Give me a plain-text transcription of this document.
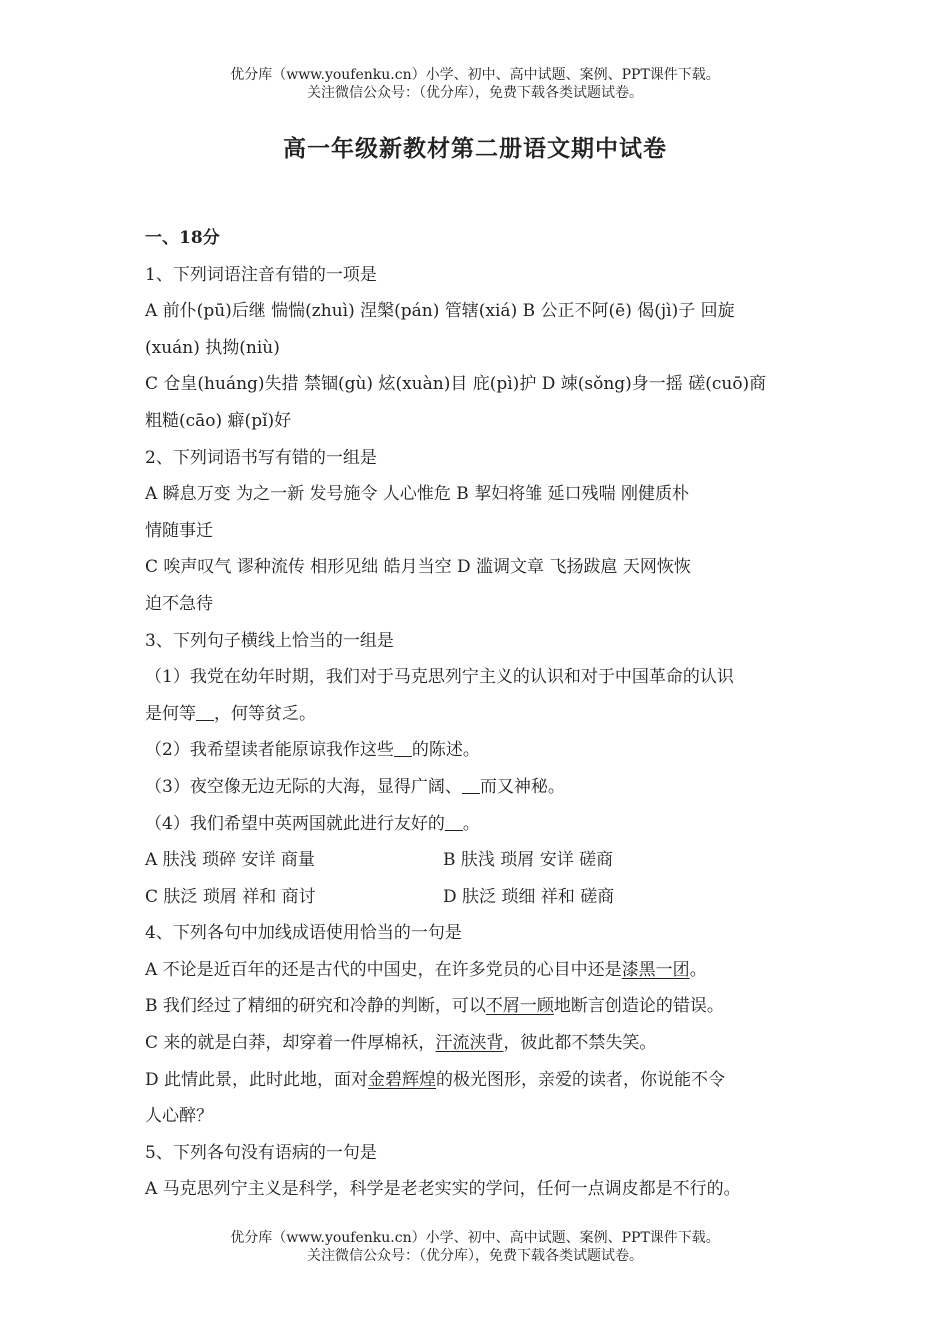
优分库（www.youfenku.cn）小学、初中、高中试题、案例、PPT课件下载。
关注微信公众号：（优分库），免费下载各类试题试卷。
高一年级新教材第二册语文期中试卷
一、18分
1、下列词语注音有错的一项是
A 前仆(pū)后继 惴惴(zhuì) 涅槃(pán) 管辖(xiá) B 公正不阿(ē) 偈(jì)子 回旋
(xuán) 执拗(niù)
C 仓皇(huáng)失措 禁锢(gù) 炫(xuàn)目 庇(pì)护 D 竦(sǒng)身一摇 磋(cuō)商
粗糙(cāo) 癖(pǐ)好
2、下列词语书写有错的一组是
A 瞬息万变 为之一新 发号施令 人心惟危 B 挈妇将雏 延口残喘 刚健质朴
情随事迁
C 唉声叹气 谬种流传 相形见绌 皓月当空 D 滥调文章 飞扬跋扈 天网恢恢
迫不急待
3、下列句子横线上恰当的一组是
（1）我党在幼年时期，我们对于马克思列宁主义的认识和对于中国革命的认识
是何等 ，何等贫乏。
（2）我希望读者能原谅我作这些 的陈述。
（3）夜空像无边无际的大海，显得广阔、 而又神秘。
（4）我们希望中英两国就此进行友好的 。
A 肤浅 琐碎 安详 商量	B 肤浅 琐屑 安详 磋商
C 肤泛 琐屑 祥和 商讨	D 肤泛 琐细 祥和 磋商
4、下列各句中加线成语使用恰当的一句是
A 不论是近百年的还是古代的中国史，在许多党员的心目中还是漆黑一团。
B 我们经过了精细的研究和冷静的判断，可以不屑一顾地断言创造论的错误。
C 来的就是白莽，却穿着一件厚棉袄，汗流浃背，彼此都不禁失笑。
D 此情此景，此时此地，面对金碧辉煌的极光图形，亲爱的读者，你说能不令
人心醉？
5、下列各句没有语病的一句是
A 马克思列宁主义是科学，科学是老老实实的学问，任何一点调皮都是不行的。
优分库（www.youfenku.cn）小学、初中、高中试题、案例、PPT课件下载。
关注微信公众号：（优分库），免费下载各类试题试卷。
